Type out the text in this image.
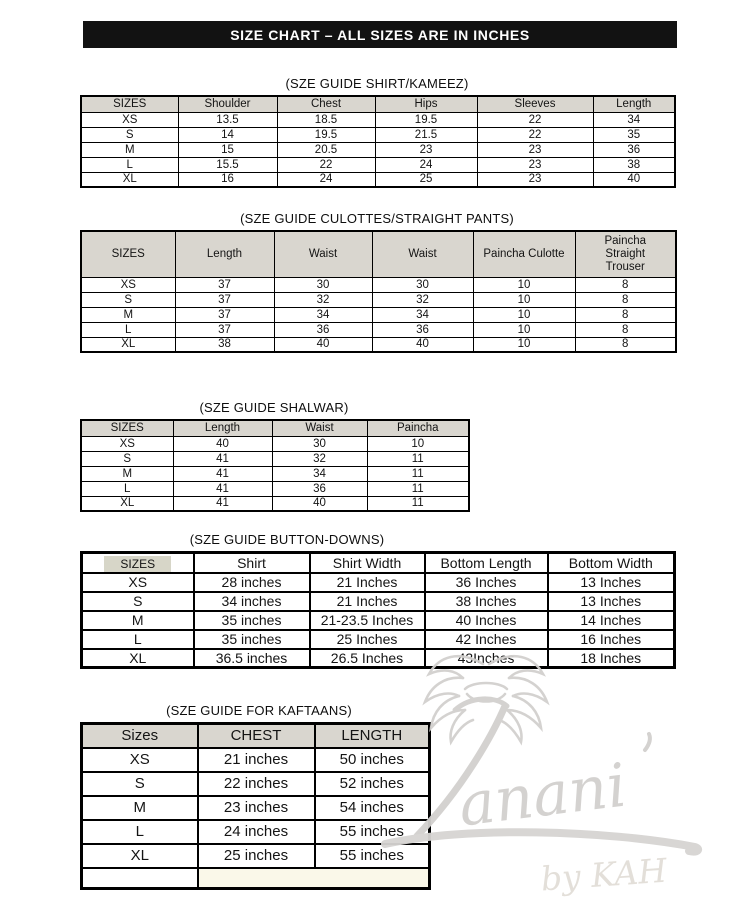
SIZE CHART – ALL SIZES ARE IN INCHES
(SZE GUIDE SHIRT/KAMEEZ)
SIZES	Shoulder	Chest	Hips	Sleeves	Length
XS	13.5	18.5	19.5	22	34
S	14	19.5	21.5	22	35
M	15	20.5	23	23	36
L	15.5	22	24	23	38
XL	16	24	25	23	40
(SZE GUIDE CULOTTES/STRAIGHT PANTS)
SIZES	Length	Waist	Waist	Paincha Culotte	Paincha Straight Trouser
XS	37	30	30	10	8
S	37	32	32	10	8
M	37	34	34	10	8
L	37	36	36	10	8
XL	38	40	40	10	8
(SZE GUIDE SHALWAR)
SIZES	Length	Waist	Paincha
XS	40	30	10
S	41	32	11
M	41	34	11
L	41	36	11
XL	41	40	11
(SZE GUIDE BUTTON-DOWNS)
SIZES	Shirt	Shirt Width	Bottom Length	Bottom Width
XS	28 inches	21 Inches	36 Inches	13 Inches
S	34 inches	21 Inches	38 Inches	13 Inches
M	35 inches	21-23.5 Inches	40 Inches	14 Inches
L	35 inches	25 Inches	42 Inches	16 Inches
XL	36.5 inches	26.5 Inches	43Inches	18 Inches
(SZE GUIDE FOR KAFTAANS)
Sizes	CHEST	LENGTH
XS	21 inches	50 inches
S	22 inches	52 inches
M	23 inches	54 inches
L	24 inches	55 inches
XL	25 inches	55 inches

anani
by KAH
